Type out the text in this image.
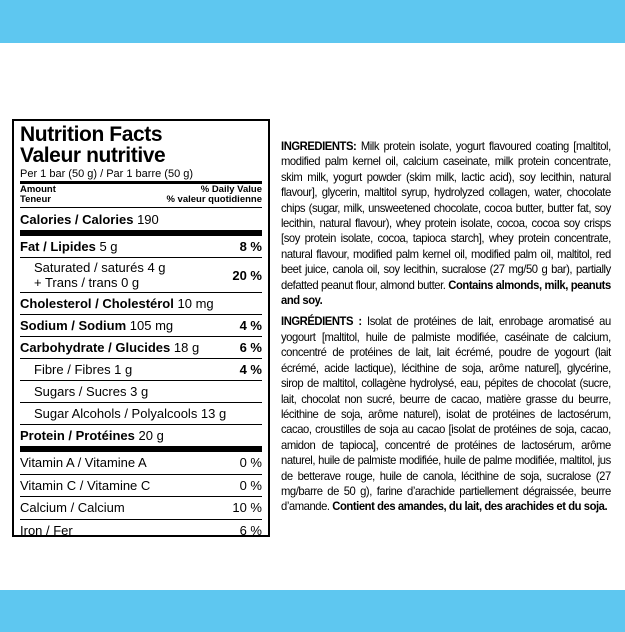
Nutrition Facts
Valeur nutritive
Per 1 bar (50 g) / Par 1 barre (50 g)
Amount
Teneur
% Daily Value
% valeur quotidienne
Calories / Calories 190
Fat / Lipides 5 g	8 %
Saturated / saturés 4 g
+ Trans / trans 0 g	20 %
Cholesterol / Cholestérol 10 mg
Sodium / Sodium 105 mg	4 %
Carbohydrate / Glucides 18 g	6 %
Fibre / Fibres 1 g	4 %
Sugars / Sucres 3 g
Sugar Alcohols / Polyalcools 13 g
Protein / Protéines 20 g
Vitamin A / Vitamine A	0 %
Vitamin C / Vitamine C	0 %
Calcium / Calcium	10 %
Iron / Fer	6 %

INGREDIENTS: Milk protein isolate, yogurt flavoured coating [maltitol, modified palm kernel oil, calcium caseinate, milk protein concentrate, skim milk, yogurt powder (skim milk, lactic acid), soy lecithin, natural flavour], glycerin, maltitol syrup, hydrolyzed collagen, water, chocolate chips (sugar, milk, unsweetened chocolate, cocoa butter, butter fat, soy lecithin, natural flavour), whey protein isolate, cocoa, cocoa soy crisps [soy protein isolate, cocoa, tapioca starch], whey protein concentrate, natural flavour, modified palm kernel oil, modified palm oil, maltitol, red beet juice, canola oil, soy lecithin, sucralose (27 mg/50 g bar), partially defatted peanut flour, almond butter. Contains almonds, milk, peanuts and soy.

INGRÉDIENTS : Isolat de protéines de lait, enrobage aromatisé au yogourt [maltitol, huile de palmiste modifiée, caséinate de calcium, concentré de protéines de lait, lait écrémé, poudre de yogourt (lait écrémé, acide lactique), lécithine de soja, arôme naturel], glycérine, sirop de maltitol, collagène hydrolysé, eau, pépites de chocolat (sucre, lait, chocolat non sucré, beurre de cacao, matière grasse du beurre, lécithine de soja, arôme naturel), isolat de protéines de lactosérum, cacao, croustilles de soja au cacao [isolat de protéines de soja, cacao, amidon de tapioca], concentré de protéines de lactosérum, arôme naturel, huile de palmiste modifiée, huile de palme modifiée, maltitol, jus de betterave rouge, huile de canola, lécithine de soja, sucralose (27 mg/barre de 50 g), farine d’arachide partiellement dégraissée, beurre d’amande. Contient des amandes, du lait, des arachides et du soja.
